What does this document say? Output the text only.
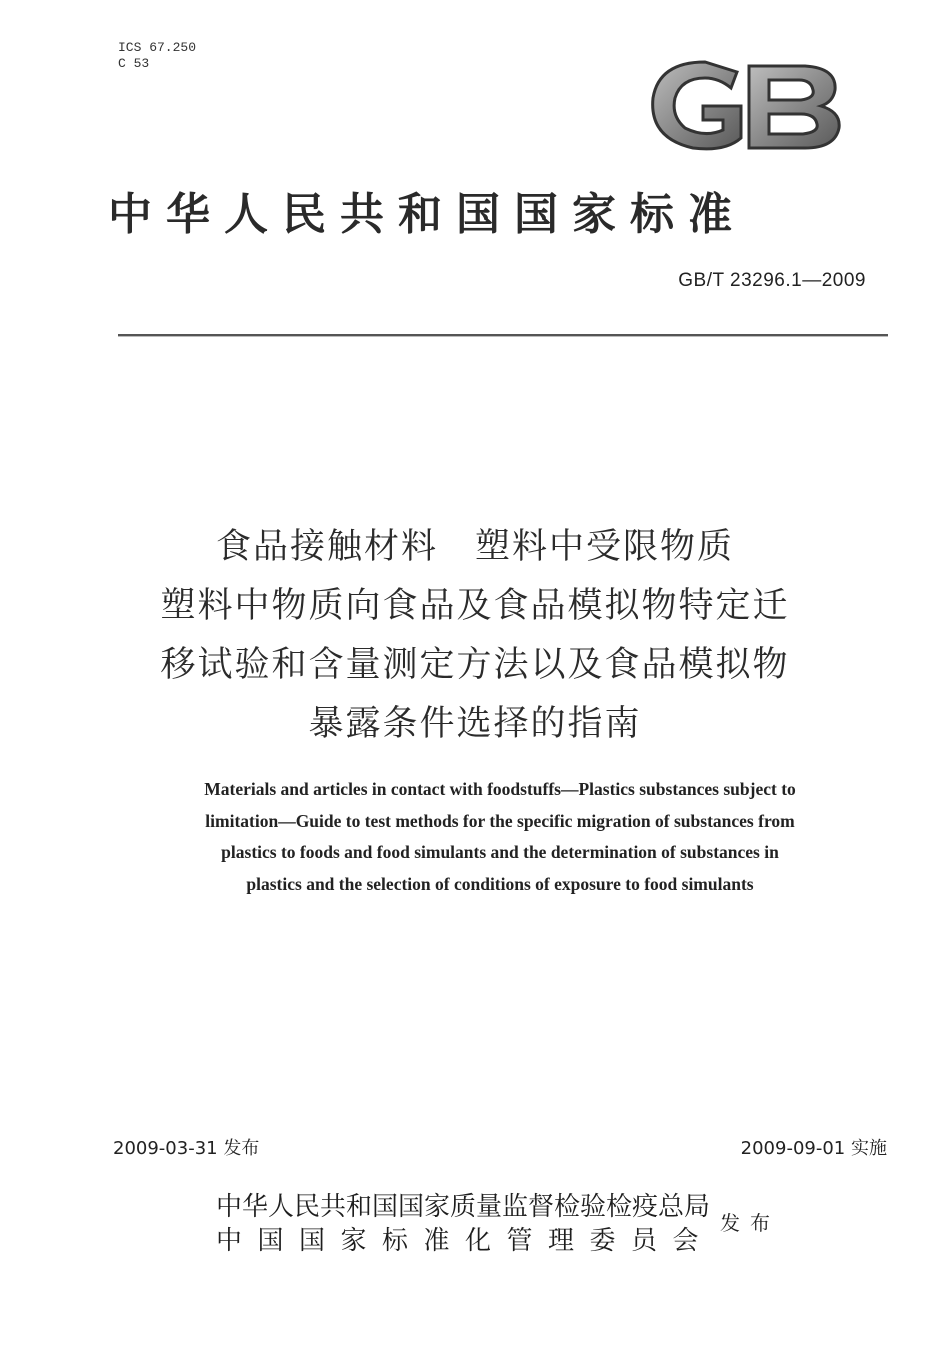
ICS 67.250
C 53
中华人民共和国国家标准
GB/T 23296.1—2009
食品接触材料　塑料中受限物质
塑料中物质向食品及食品模拟物特定迁
移试验和含量测定方法以及食品模拟物
暴露条件选择的指南
Materials and articles in contact with foodstuffs—Plastics substances subject to
limitation—Guide to test methods for the specific migration of substances from
plastics to foods and food simulants and the determination of substances in
plastics and the selection of conditions of exposure to food simulants
2009-03-31 发布	2009-09-01 实施
中华人民共和国国家质量监督检验检疫总局
中国国家标准化管理委员会
发布
